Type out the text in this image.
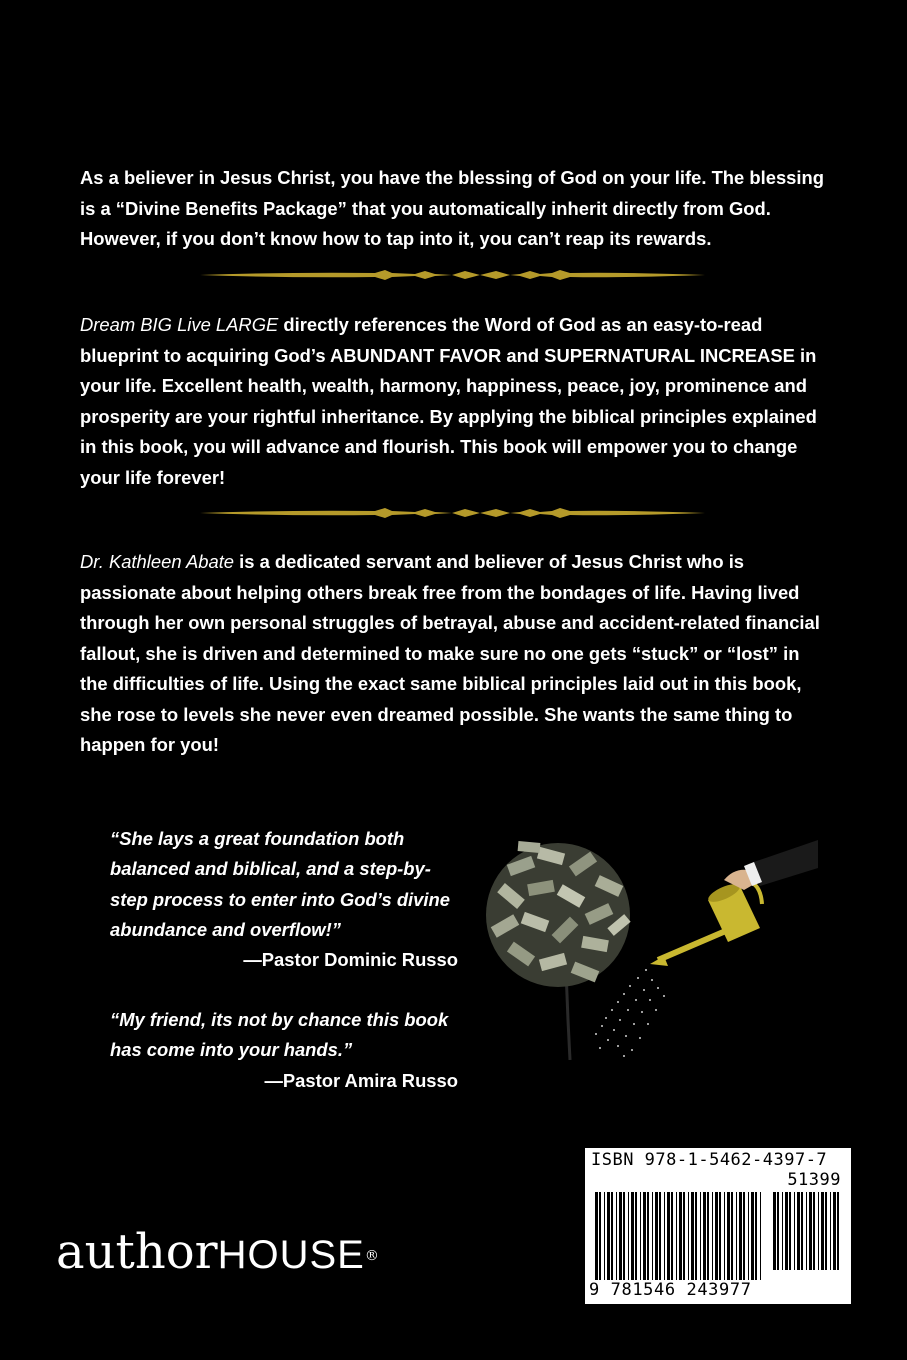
As a believer in Jesus Christ, you have the blessing of God on your life. The blessing is a “Divine Benefits Package” that you automatically inherit directly from God. However, if you don’t know how to tap into it, you can’t reap its rewards.

Dream BIG Live LARGE directly references the Word of God as an easy-to-read blueprint to acquiring God’s ABUNDANT FAVOR and SUPERNATURAL INCREASE in your life. Excellent health, wealth, harmony, happiness, peace, joy, prominence and prosperity are your rightful inheritance. By applying the biblical principles explained in this book, you will advance and flourish. This book will empower you to change your life forever!

Dr. Kathleen Abate is a dedicated servant and believer of Jesus Christ who is passionate about helping others break free from the bondages of life. Having lived through her own personal struggles of betrayal, abuse and accident-related financial fallout, she is driven and determined to make sure no one gets “stuck” or “lost” in the difficulties of life. Using the exact same biblical principles laid out in this book, she rose to levels she never even dreamed possible. She wants the same thing to happen for you!

“She lays a great foundation both balanced and biblical, and a step-by-step process to enter into God’s divine abundance and overflow!”
—Pastor Dominic Russo

“My friend, its not by chance this book has come into your hands.”
—Pastor Amira Russo

authorHOUSE®
ISBN 978-1-5462-4397-7
51399
9 781546 243977
